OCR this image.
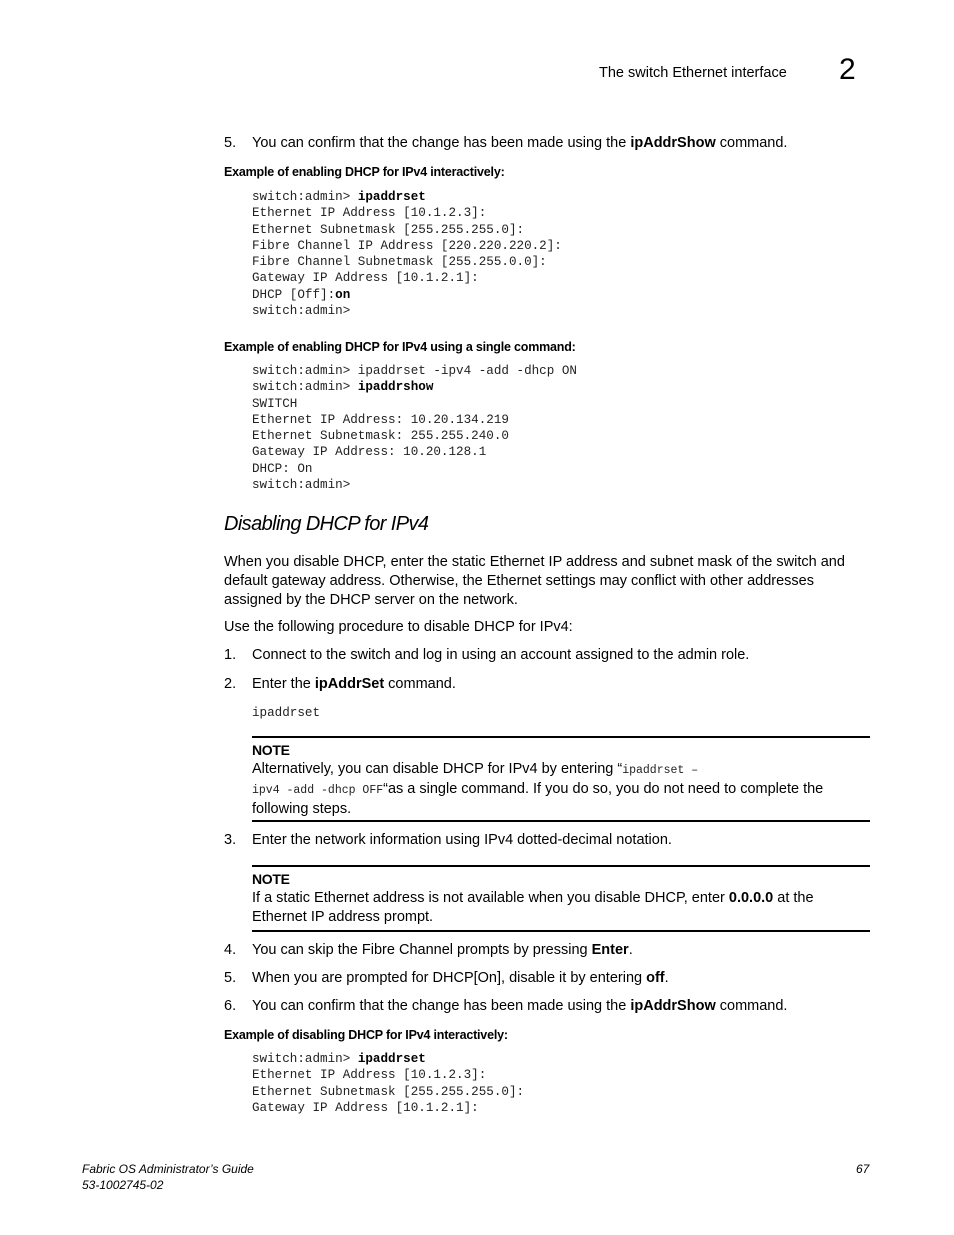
The switch Ethernet interface 2
5. You can confirm that the change has been made using the ipAddrShow command.
Example of enabling DHCP for IPv4 interactively:
switch:admin> ipaddrset
Ethernet IP Address [10.1.2.3]:
Ethernet Subnetmask [255.255.255.0]:
Fibre Channel IP Address [220.220.220.2]:
Fibre Channel Subnetmask [255.255.0.0]:
Gateway IP Address [10.1.2.1]:
DHCP [Off]:on
switch:admin>
Example of enabling DHCP for IPv4 using a single command:
switch:admin> ipaddrset -ipv4 -add -dhcp ON
switch:admin> ipaddrshow
SWITCH
Ethernet IP Address: 10.20.134.219
Ethernet Subnetmask: 255.255.240.0
Gateway IP Address: 10.20.128.1
DHCP: On
switch:admin>
Disabling DHCP for IPv4
When you disable DHCP, enter the static Ethernet IP address and subnet mask of the switch and
default gateway address. Otherwise, the Ethernet settings may conflict with other addresses
assigned by the DHCP server on the network.
Use the following procedure to disable DHCP for IPv4:
1. Connect to the switch and log in using an account assigned to the admin role.
2. Enter the ipAddrSet command.
ipaddrset
NOTE
Alternatively, you can disable DHCP for IPv4 by entering “ipaddrset –
ipv4 -add -dhcp OFF“as a single command. If you do so, you do not need to complete the
following steps.
3. Enter the network information using IPv4 dotted-decimal notation.
NOTE
If a static Ethernet address is not available when you disable DHCP, enter 0.0.0.0 at the
Ethernet IP address prompt.
4. You can skip the Fibre Channel prompts by pressing Enter.
5. When you are prompted for DHCP[On], disable it by entering off.
6. You can confirm that the change has been made using the ipAddrShow command.
Example of disabling DHCP for IPv4 interactively:
switch:admin> ipaddrset
Ethernet IP Address [10.1.2.3]:
Ethernet Subnetmask [255.255.255.0]:
Gateway IP Address [10.1.2.1]:
Fabric OS Administrator’s Guide
53-1002745-02
67
